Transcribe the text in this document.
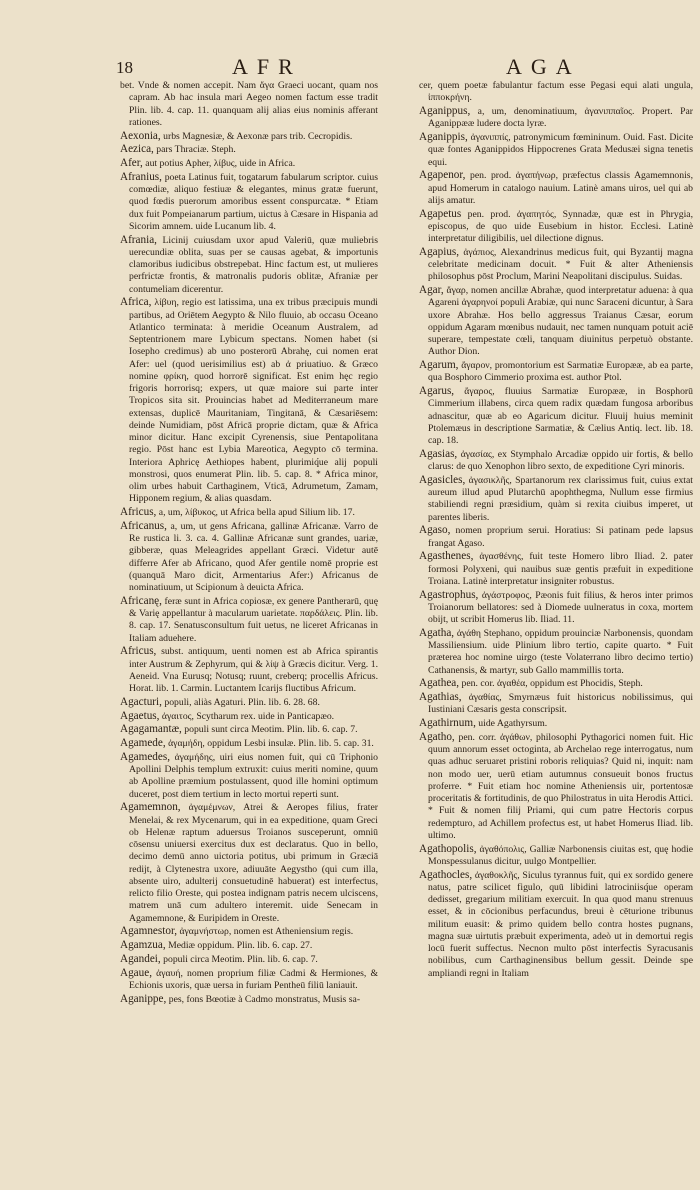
18	AFR	AGA

bet. Vnde & nomen accepit. Nam ἄγα Graeci uocant, quam nos capram. Ab hac insula mari Aegeo nomen factum esse tradit Plin. lib. 4. cap. 11. quanquam alij alias eius nominis afferant rationes.

Aexonia, urbs Magnesiæ, & Aexonæ pars trib. Cecropidis.

Aezica, pars Thraciæ. Steph.

Afer, aut potius Apher, λίβυς, uide in Africa.

Afranius, poeta Latinus fuit, togatarum fabularum scriptor. cuius comœdiæ, aliquo festiuæ & elegantes, minus gratæ fuerunt, quod fœdis puerorum amoribus essent conspurcatæ. * Etiam dux fuit Pompeianarum partium, uictus à Cæsare in Hispania ad Sicorim amnem. uide Lucanum lib. 4.

Afrania, Licinij cuiusdam uxor apud Valeriū, quæ muliebris uerecundiæ oblita, suas per se causas agebat, & importunis clamoribus iudicibus obstrepebat. Hinc factum est, ut mulieres perfrictæ frontis, & matronalis pudoris oblitæ, Afraniæ per contumeliam dicerentur.

Africa, λίβυη, regio est latissima, una ex tribus præcipuis mundi partibus, ad Oriētem Aegypto & Nilo fluuio, ab occasu Oceano Atlantico terminata: à meridie Oceanum Australem, ad Septentrionem mare Lybicum spectans. Nomen habet (si Iosepho credimus) ab uno posterorū Abrahę, cui nomen erat Afer: uel (quod uerisimilius est) ab ἀ priuatiuo. & Græco nomine φρίκη, quod horrorē significat. Est enim hęc regio frigoris horrorisq; expers, ut quæ maiore sui parte inter Tropicos sita sit. Prouincias habet ad Mediterraneum mare extensas, duplicē Mauritaniam, Tingitanā, & Cæsariēsem: deinde Numidiam, pōst Africā proprie dictam, quæ & Africa minor dicitur. Hanc excipit Cyrenensis, siue Pentapolitana regio. Pōst hanc est Lybia Mareotica, Aegypto cō termina. Interiora Aphricę Aethiopes habent, plurimiq́ue alij populi monstrosi, quos enumerat Plin. lib. 5. cap. 8. * Africa minor, olim urbes habuit Carthaginem, Vticā, Adrumetum, Zamam, Hipponem regium, & alias quasdam.

Africus, a, um, λίβυκος, ut Africa bella apud Silium lib. 17.

Africanus, a, um, ut gens Africana, gallinæ Africanæ. Varro de Re rustica li. 3. ca. 4. Gallinæ Africanæ sunt grandes, uariæ, gibberæ, quas Meleagrides appellant Græci. Videtur autē differre Afer ab Africano, quod Afer gentile nomē proprie est (quanquā Maro dicit, Armentarius Afer:) Africanus de nominatiuum, ut Scipionum à deuicta Africa.

Africanę, feræ sunt in Africa copiosæ, ex genere Pantherarū, quę & Varię appellantur à macularum uarietate. παρδάλεις. Plin. lib. 8. cap. 17. Senatusconsultum fuit uetus, ne liceret Africanas in Italiam aduehere.

Africus, subst. antiquum, uenti nomen est ab Africa spirantis inter Austrum & Zephyrum, qui & λίψ à Græcis dicitur. Verg. 1. Aeneid. Vna Eurusq; Notusq; ruunt, creberq; procellis Africus. Horat. lib. 1. Carmin. Luctantem Icarijs fluctibus Africum.

Agacturi, populi, aliàs Agaturi. Plin. lib. 6. 28. 68.

Agaetus, ἀγαιτος, Scytharum rex. uide in Panticapæo.

Agagamantæ, populi sunt circa Meotim. Plin. lib. 6. cap. 7.

Agamede, ἀγαμήδη, oppidum Lesbi insulæ. Plin. lib. 5. cap. 31.

Agamedes, ἀγαμήδης, uiri eius nomen fuit, qui cū Triphonio Apollini Delphis templum extruxit: cuius meriti nomine, quum ab Apolline præmium postulassent, quod ille homini optimum duceret, post diem tertium in lecto mortui reperti sunt.

Agamemnon, ἀγαμέμνων, Atrei & Aeropes filius, frater Menelai, & rex Mycenarum, qui in ea expeditione, quam Greci ob Helenæ raptum aduersus Troianos susceperunt, omniū cōsensu uniuersi exercitus dux est declaratus. Quo in bello, decimo demū anno uictoria potitus, ubi primum in Græciā redijt, à Clytenestra uxore, adiuuāte Aegystho (qui cum illa, absente uiro, adulterij consuetudinē habuerat) est interfectus, relicto filio Oreste, qui postea indignam patris necem ulciscens, matrem unā cum adultero interemit. uide Senecam in Agamemnone, & Euripidem in Oreste.

Agamnestor, ἀγαμνήστωρ, nomen est Atheniensium regis.

Agamzua, Mediæ oppidum. Plin. lib. 6. cap. 27.

Agandei, populi circa Meotim. Plin. lib. 6. cap. 7.

Agaue, ἀγαυή, nomen proprium filiæ Cadmi & Hermiones, & Echionis uxoris, quæ uersa in furiam Pentheū filiū laniauit.

Aganippe, pes, fons Bœotiæ à Cadmo monstratus, Musis sa-

cer, quem poetæ fabulantur factum esse Pegasi equi alati ungula, ἱπποκρήνη.

Aganippus, a, um, denominatiuum, ἀγανιππαῖος. Propert. Par Aganippææ ludere docta lyræ.

Aganippis, ἀγανιππίς, patronymicum fœmininum. Ouid. Fast. Dicite quæ fontes Aganippidos Hippocrenes Grata Medusæi signa tenetis equi.

Agapenor, pen. prod. ἀγαπήνωρ, præfectus classis Agamemnonis, apud Homerum in catalogo nauium. Latinè amans uiros, uel qui ab alijs amatur.

Agapetus pen. prod. ἀγαπητός, Synnadæ, quæ est in Phrygia, episcopus, de quo uide Eusebium in histor. Ecclesi. Latinè interpretatur diligibilis, uel dilectione dignus.

Agapius, ἀγάπιος, Alexandrinus medicus fuit, qui Byzantij magna celebritate medicinam docuit. * Fuit & alter Atheniensis philosophus pōst Proclum, Marini Neapolitani discipulus. Suidas.

Agar, ἄγαρ, nomen ancillæ Abrahæ, quod interpretatur aduena: à qua Agareni ἀγαρηνοί populi Arabiæ, qui nunc Saraceni dicuntur, à Sara uxore Abrahæ. Hos bello aggressus Traianus Cæsar, eorum oppidum Agaram mœnibus nudauit, nec tamen nunquam potuit aciē superare, tempestate cœli, tanquam diuinitus perpetuò obstante. Author Dion.

Agarum, ἄγαρον, promontorium est Sarmatiæ Europææ, ab ea parte, qua Bosphoro Cimmerio proxima est. author Ptol.

Agarus, ἄγαρος, fluuius Sarmatiæ Europææ, in Bosphorū Cimmerium illabens, circa quem radix quædam fungosa arboribus adnascitur, quæ ab eo Agaricum dicitur. Fluuij huius meminit Ptolemæus in descriptione Sarmatiæ, & Cælius Antiq. lect. lib. 18. cap. 18.

Agasias, ἀγασίας, ex Stymphalo Arcadiæ oppido uir fortis, & bello clarus: de quo Xenophon libro sexto, de expeditione Cyri minoris.

Agasicles, ἀγασικλῆς, Spartanorum rex clarissimus fuit, cuius extat aureum illud apud Plutarchū apophthegma, Nullum esse firmius stabiliendi regni præsidium, quàm si rexita ciuibus imperet, ut parentes liberis.

Agaso, nomen proprium serui. Horatius: Si patinam pede lapsus frangat Agaso.

Agasthenes, ἀγασθένης, fuit teste Homero libro Iliad. 2. pater formosi Polyxeni, qui nauibus suæ gentis præfuit in expeditione Troiana. Latinè interpretatur insigniter robustus.

Agastrophus, ἀγάστροφος, Pæonis fuit filius, & heros inter primos Troianorum bellatores: sed à Diomede uulneratus in coxa, mortem obijt, ut scribit Homerus lib. Iliad. 11.

Agatha, ἀγάθη Stephano, oppidum prouinciæ Narbonensis, quondam Massiliensium. uide Plinium libro tertio, capite quarto. * Fuit præterea hoc nomine uirgo (teste Volaterrano libro decimo tertio) Cathanensis, & martyr, sub Gallo mammillis torta.

Agathea, pen. cor. ἀγαθέα, oppidum est Phocidis, Steph.

Agathias, ἀγαθίας, Smyrnæus fuit historicus nobilissimus, qui Iustiniani Cæsaris gesta conscripsit.

Agathirnum, uide Agathyrsum.

Agatho, pen. corr. ἀγάθων, philosophi Pythagorici nomen fuit. Hic quum annorum esset octoginta, ab Archelao rege interrogatus, num quas adhuc seruaret pristini roboris reliquias? Quid ni, inquit: nam non modo uer, uerū etiam autumnus consueuit bonos fructus proferre. * Fuit etiam hoc nomine Atheniensis uir, portentosæ proceritatis & fortitudinis, de quo Philostratus in uita Herodis Attici. * Fuit & nomen filij Priami, qui cum patre Hectoris corpus redempturo, ad Achillem profectus est, ut habet Homerus Iliad. lib. ultimo.

Agathopolis, ἀγαθόπολις, Galliæ Narbonensis ciuitas est, quę hodie Monspessulanus dicitur, uulgo Montpellier.

Agathocles, ἀγαθοκλῆς, Siculus tyrannus fuit, qui ex sordido genere natus, patre scilicet figulo, quū libidini latrociniisq́ue operam dedisset, gregarium militiam exercuit. In qua quod manu strenuus esset, & in cōcionibus perfacundus, breui è cēturione tribunus militum euasit: & primo quidem bello contra hostes pugnans, magna suæ uirtutis præbuit experimenta, adeò ut in demortui regis locū fuerit suffectus. Necnon multo pōst interfectis Syracusanis nobilibus, cum Carthaginensibus bellum gessit. Deinde spe ampliandi regni in Italiam
